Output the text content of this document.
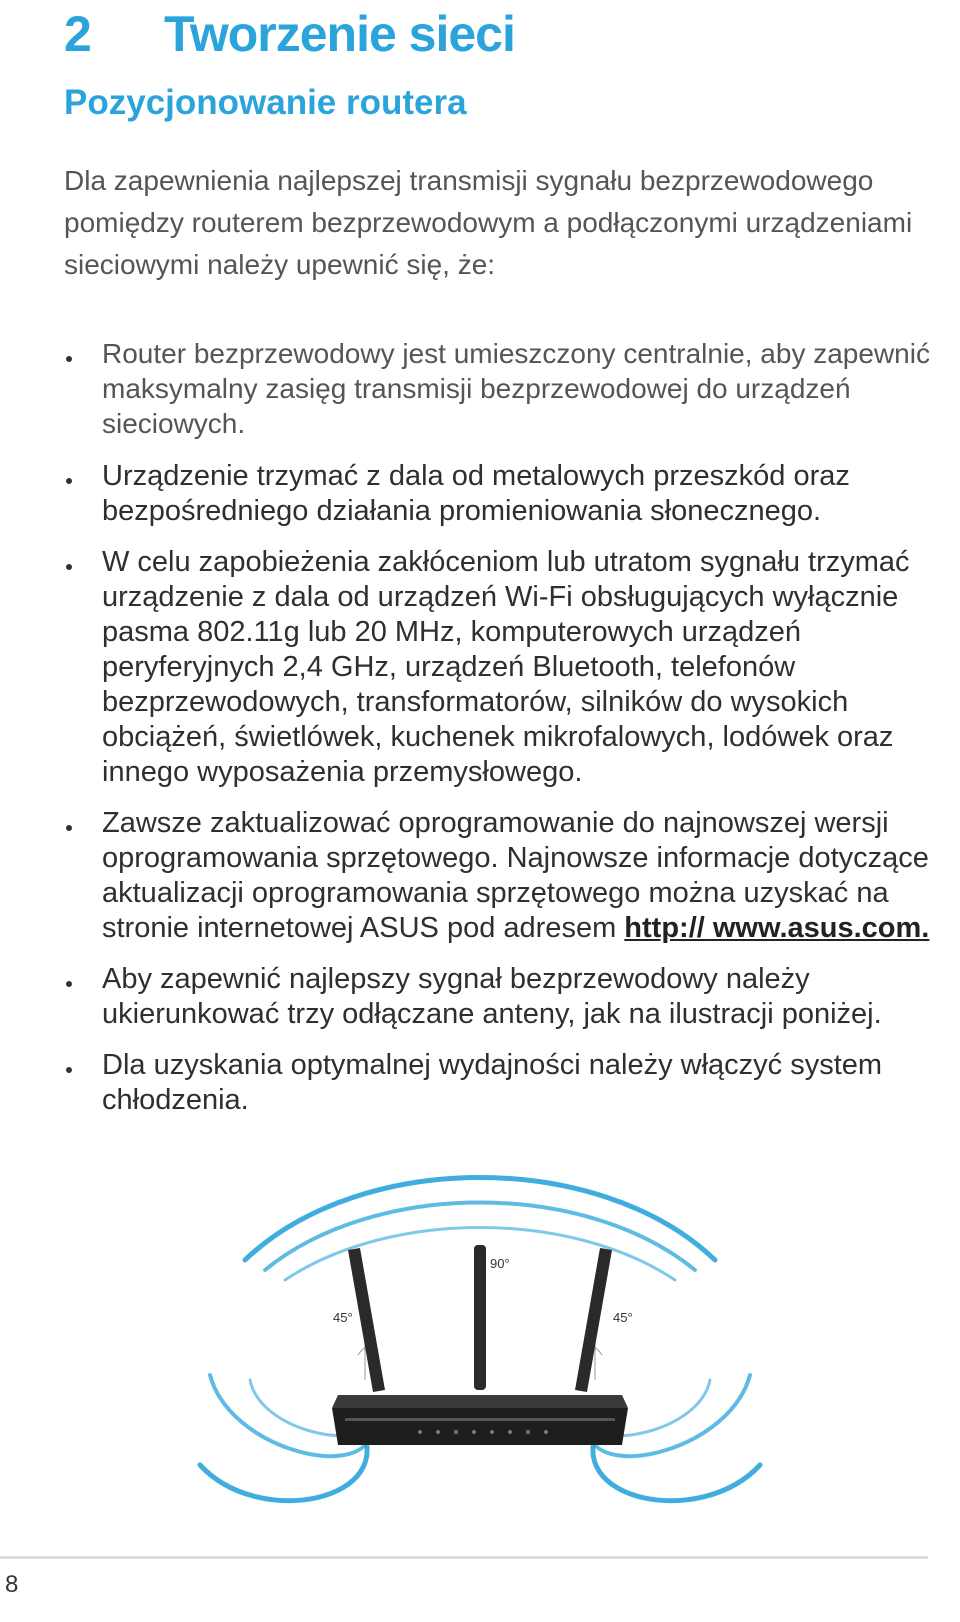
2 Tworzenie sieci
Pozycjonowanie routera

Dla zapewnienia najlepszej transmisji sygnału bezprzewodowego pomiędzy routerem bezprzewodowym a podłączonymi urządzeniami sieciowymi należy upewnić się, że:

Router bezprzewodowy jest umieszczony centralnie, aby zapewnić maksymalny zasięg transmisji bezprzewodowej do urządzeń sieciowych.
Urządzenie trzymać z dala od metalowych przeszkód oraz bezpośredniego działania promieniowania słonecznego.
W celu zapobieżenia zakłóceniom lub utratom sygnału trzymać urządzenie z dala od urządzeń Wi-Fi obsługujących wyłącznie pasma 802.11g lub 20 MHz, komputerowych urządzeń peryferyjnych 2,4 GHz, urządzeń Bluetooth, telefonów bezprzewodowych, transformatorów, silników do wysokich obciążeń, świetlówek, kuchenek mikrofalowych, lodówek oraz innego wyposażenia przemysłowego.
Zawsze zaktualizować oprogramowanie do najnowszej wersji oprogramowania sprzętowego. Najnowsze informacje dotyczące aktualizacji oprogramowania sprzętowego można uzyskać na stronie internetowej ASUS pod adresem http:// www.asus.com.
Aby zapewnić najlepszy sygnał bezprzewodowy należy ukierunkować trzy odłączane anteny, jak na ilustracji poniżej.
Dla uzyskania optymalnej wydajności należy włączyć system chłodzenia.
90°
45°	45°
8
